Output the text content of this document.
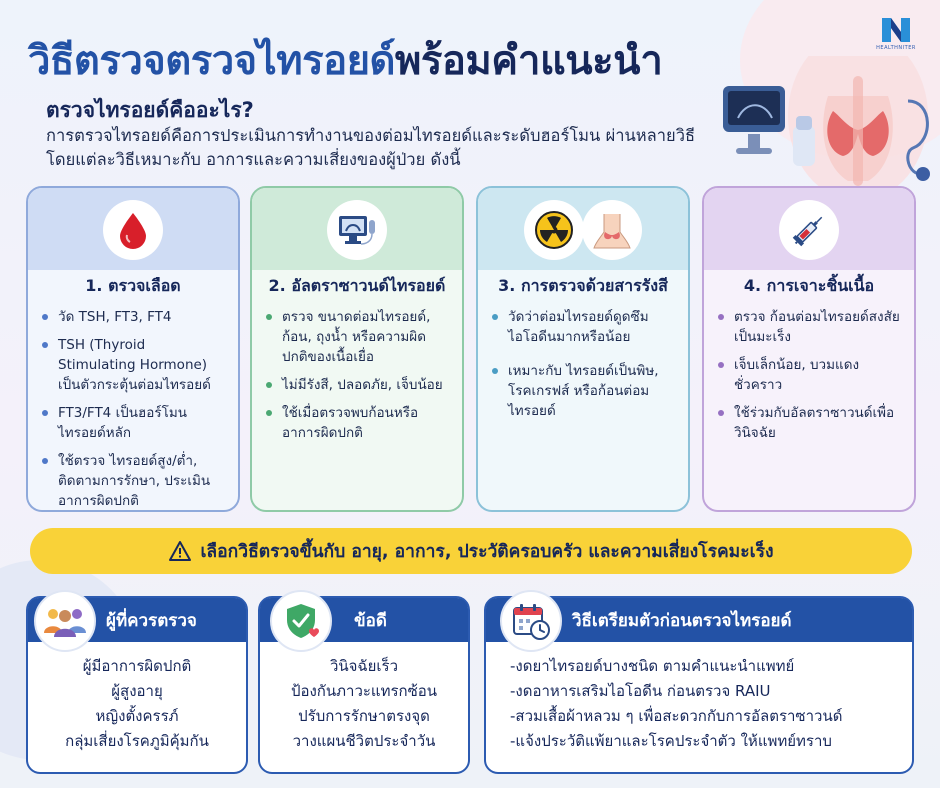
HEALTHNITER
วิธีตรวจตรวจไทรอยด์พร้อมคำแนะนำ
ตรวจไทรอยด์คืออะไร?
การตรวจไทรอยด์คือการประเมินการทำงานของต่อมไทรอยด์และระดับฮอร์โมน ผ่านหลายวิธี โดยแต่ละวิธีเหมาะกับ อาการและความเสี่ยงของผู้ป่วย ดังนี้
1. ตรวจเลือด
วัด TSH, FT3, FT4
TSH (Thyroid Stimulating Hormone) เป็นตัวกระตุ้นต่อมไทรอยด์
FT3/FT4 เป็นฮอร์โมนไทรอยด์หลัก
ใช้ตรวจ ไทรอยด์สูง/ต่ำ, ติดตามการรักษา, ประเมินอาการผิดปกติ
2. อัลตราซาวนด์ไทรอยด์
ตรวจ ขนาดต่อมไทรอยด์, ก้อน, ถุงน้ำ หรือความผิดปกติของเนื้อเยื่อ
ไม่มีรังสี, ปลอดภัย, เจ็บน้อย
ใช้เมื่อตรวจพบก้อนหรืออาการผิดปกติ
3. การตรวจด้วยสารรังสี
วัดว่าต่อมไทรอยด์ดูดซึมไอโอดีนมากหรือน้อย
เหมาะกับ ไทรอยด์เป็นพิษ, โรคเกรฟส์ หรือก้อนต่อมไทรอยด์
4. การเจาะชิ้นเนื้อ
ตรวจ ก้อนต่อมไทรอยด์สงสัยเป็นมะเร็ง
เจ็บเล็กน้อย, บวมแดงชั่วคราว
ใช้ร่วมกับอัลตราซาวนด์เพื่อวินิจฉัย
เลือกวิธีตรวจขึ้นกับ อายุ, อาการ, ประวัติครอบครัว และความเสี่ยงโรคมะเร็ง
ผู้ที่ควรตรวจ
ผู้มีอาการผิดปกติ
ผู้สูงอายุ
หญิงตั้งครรภ์
กลุ่มเสี่ยงโรคภูมิคุ้มกัน
ข้อดี
วินิจฉัยเร็ว
ป้องกันภาวะแทรกซ้อน
ปรับการรักษาตรงจุด
วางแผนชีวิตประจำวัน
วิธีเตรียมตัวก่อนตรวจไทรอยด์
-งดยาไทรอยด์บางชนิด ตามคำแนะนำแพทย์
-งดอาหารเสริมไอโอดีน ก่อนตรวจ RAIU
-สวมเสื้อผ้าหลวม ๆ เพื่อสะดวกกับการอัลตราซาวนด์
-แจ้งประวัติแพ้ยาและโรคประจำตัว ให้แพทย์ทราบ
